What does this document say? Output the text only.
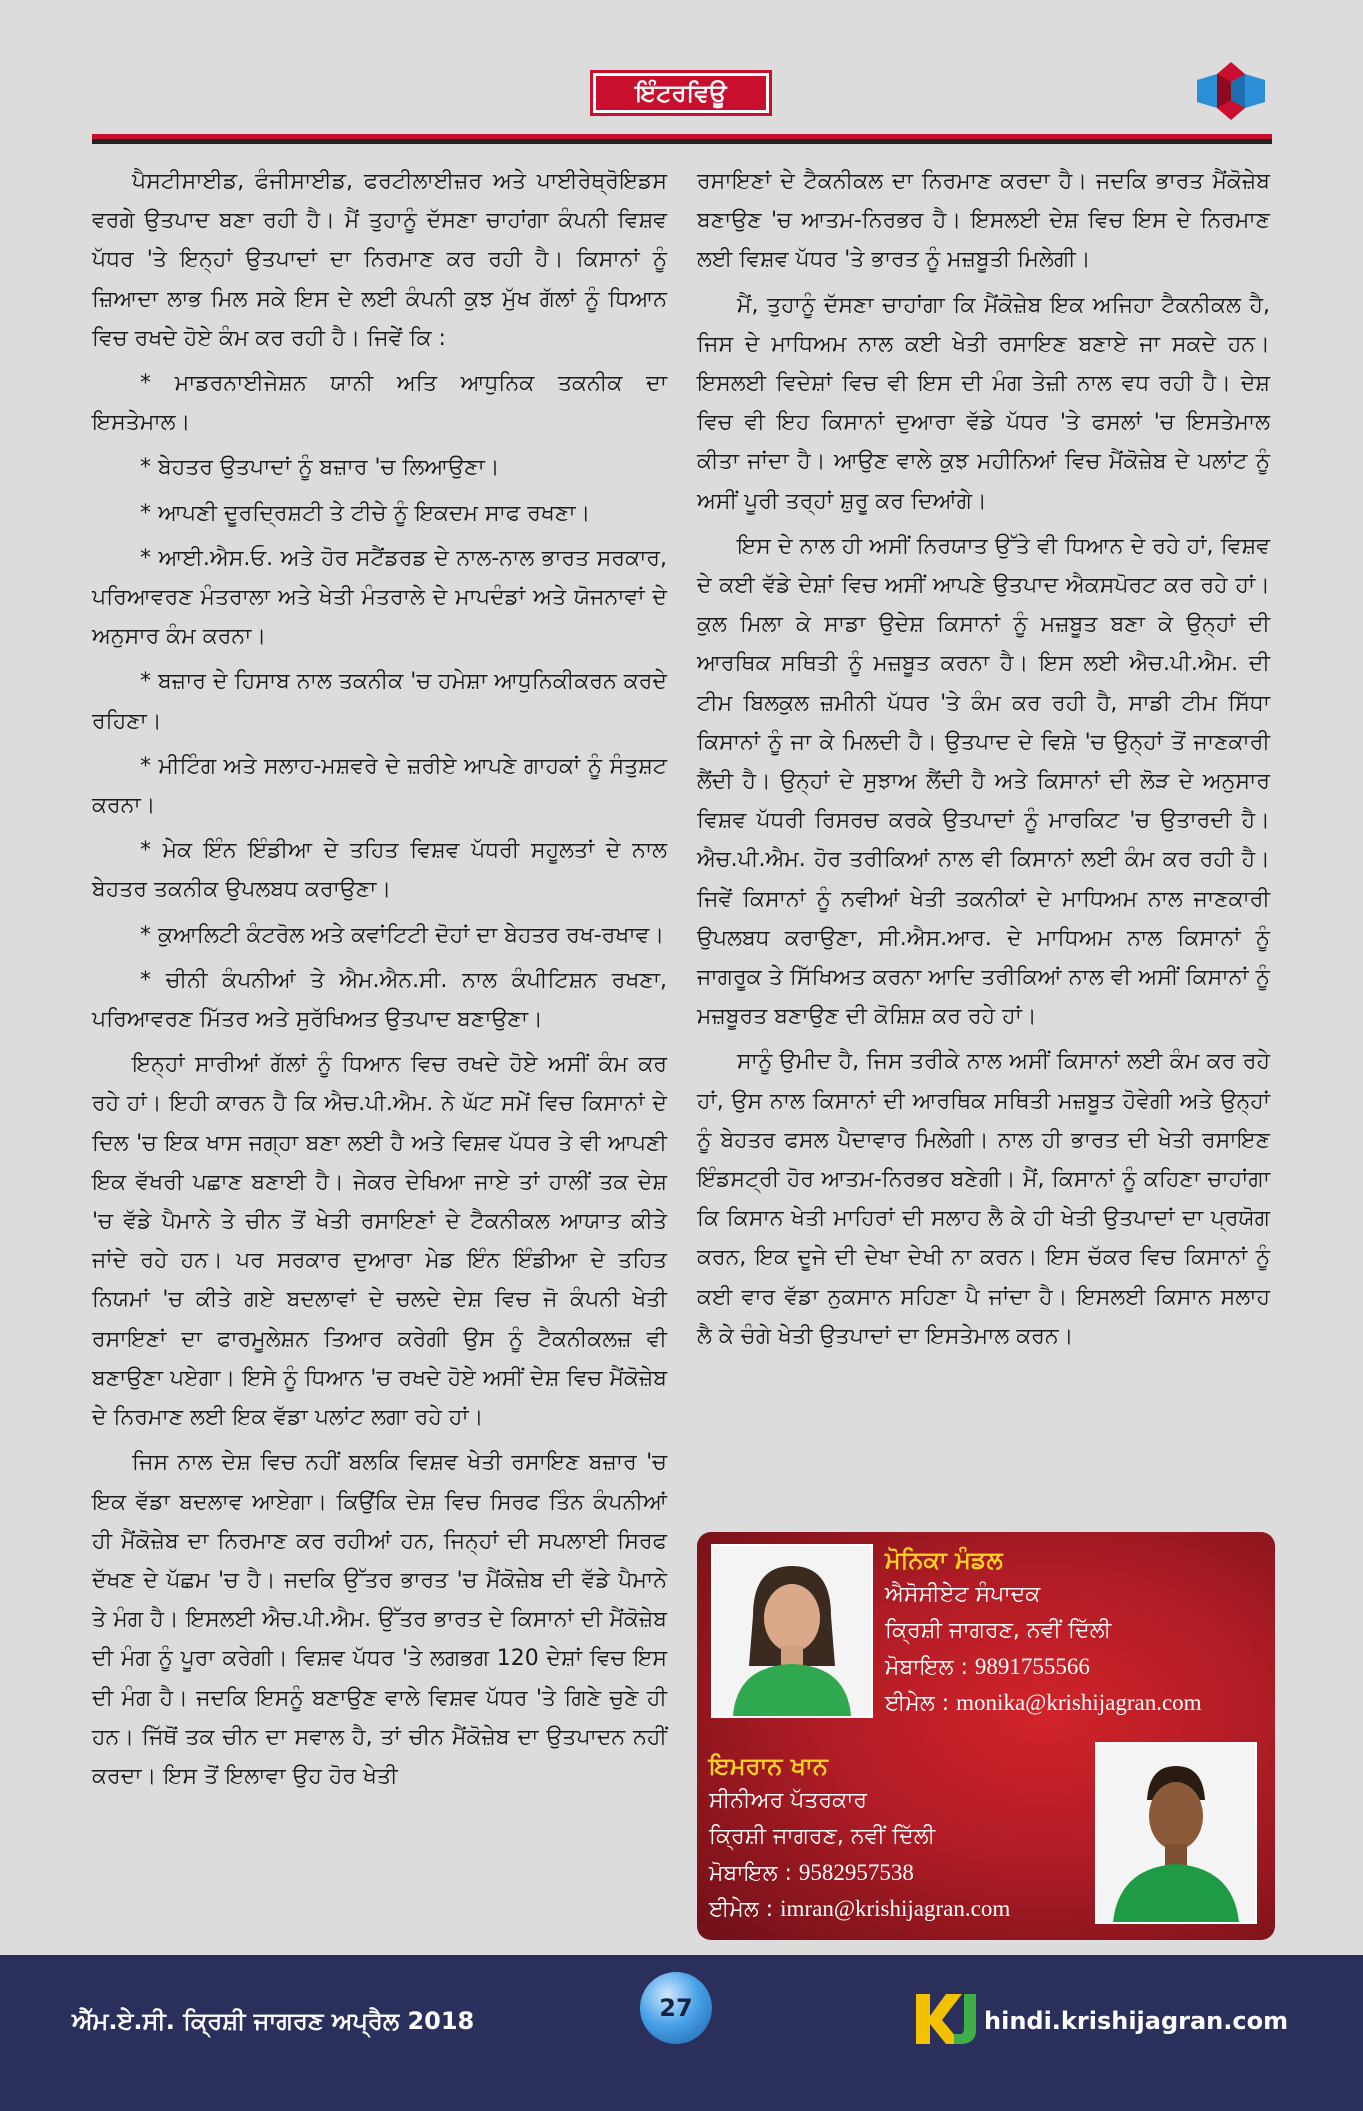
ਇੰਟਰਵਿਊ

ਪੈਸਟੀਸਾਈਡ, ਫੰਜੀਸਾਈਡ, ਫਰਟੀਲਾਈਜ਼ਰ ਅਤੇ ਪਾਈਰੇਥ੍ਰੋਇਡਸ ਵਰਗੇ ਉਤਪਾਦ ਬਣਾ ਰਹੀ ਹੈ। ਮੈਂ ਤੁਹਾਨੂੰ ਦੱਸਣਾ ਚਾਹਾਂਗਾ ਕੰਪਨੀ ਵਿਸ਼ਵ ਪੱਧਰ 'ਤੇ ਇਨ੍ਹਾਂ ਉਤਪਾਦਾਂ ਦਾ ਨਿਰਮਾਣ ਕਰ ਰਹੀ ਹੈ। ਕਿਸਾਨਾਂ ਨੂੰ ਜ਼ਿਆਦਾ ਲਾਭ ਮਿਲ ਸਕੇ ਇਸ ਦੇ ਲਈ ਕੰਪਨੀ ਕੁਝ ਮੁੱਖ ਗੱਲਾਂ ਨੂੰ ਧਿਆਨ ਵਿਚ ਰਖਦੇ ਹੋਏ ਕੰਮ ਕਰ ਰਹੀ ਹੈ। ਜਿਵੇਂ ਕਿ :

* ਮਾਡਰਨਾਈਜੇਸ਼ਨ ਯਾਨੀ ਅਤਿ ਆਧੁਨਿਕ ਤਕਨੀਕ ਦਾ ਇਸਤੇਮਾਲ।

* ਬੇਹਤਰ ਉਤਪਾਦਾਂ ਨੂੰ ਬਜ਼ਾਰ 'ਚ ਲਿਆਉਣਾ।

* ਆਪਣੀ ਦੂਰਦ੍ਰਿਸ਼ਟੀ ਤੇ ਟੀਚੇ ਨੂੰ ਇਕਦਮ ਸਾਫ ਰਖਣਾ।

* ਆਈ.ਐਸ.ਓ. ਅਤੇ ਹੋਰ ਸਟੈਂਡਰਡ ਦੇ ਨਾਲ-ਨਾਲ ਭਾਰਤ ਸਰਕਾਰ, ਪਰਿਆਵਰਣ ਮੰਤਰਾਲਾ ਅਤੇ ਖੇਤੀ ਮੰਤਰਾਲੇ ਦੇ ਮਾਪਦੰਡਾਂ ਅਤੇ ਯੋਜਨਾਵਾਂ ਦੇ ਅਨੁਸਾਰ ਕੰਮ ਕਰਨਾ।

* ਬਜ਼ਾਰ ਦੇ ਹਿਸਾਬ ਨਾਲ ਤਕਨੀਕ 'ਚ ਹਮੇਸ਼ਾ ਆਧੁਨਿਕੀਕਰਨ ਕਰਦੇ ਰਹਿਣਾ।

* ਮੀਟਿੰਗ ਅਤੇ ਸਲਾਹ-ਮਸ਼ਵਰੇ ਦੇ ਜ਼ਰੀਏ ਆਪਣੇ ਗਾਹਕਾਂ ਨੂੰ ਸੰਤੁਸ਼ਟ ਕਰਨਾ।

* ਮੇਕ ਇੰਨ ਇੰਡੀਆ ਦੇ ਤਹਿਤ ਵਿਸ਼ਵ ਪੱਧਰੀ ਸਹੂਲਤਾਂ ਦੇ ਨਾਲ ਬੇਹਤਰ ਤਕਨੀਕ ਉਪਲਬਧ ਕਰਾਉਣਾ।

* ਕੁਆਲਿਟੀ ਕੰਟਰੋਲ ਅਤੇ ਕਵਾਂਟਿਟੀ ਦੋਹਾਂ ਦਾ ਬੇਹਤਰ ਰਖ-ਰਖਾਵ।

* ਚੀਨੀ ਕੰਪਨੀਆਂ ਤੇ ਐਮ.ਐਨ.ਸੀ. ਨਾਲ ਕੰਪੀਟਿਸ਼ਨ ਰਖਣਾ, ਪਰਿਆਵਰਣ ਮਿੱਤਰ ਅਤੇ ਸੁਰੱਖਿਅਤ ਉਤਪਾਦ ਬਣਾਉਣਾ।

ਇਨ੍ਹਾਂ ਸਾਰੀਆਂ ਗੱਲਾਂ ਨੂੰ ਧਿਆਨ ਵਿਚ ਰਖਦੇ ਹੋਏ ਅਸੀਂ ਕੰਮ ਕਰ ਰਹੇ ਹਾਂ। ਇਹੀ ਕਾਰਨ ਹੈ ਕਿ ਐਚ.ਪੀ.ਐਮ. ਨੇ ਘੱਟ ਸਮੇਂ ਵਿਚ ਕਿਸਾਨਾਂ ਦੇ ਦਿਲ 'ਚ ਇਕ ਖਾਸ ਜਗ੍ਹਾ ਬਣਾ ਲਈ ਹੈ ਅਤੇ ਵਿਸ਼ਵ ਪੱਧਰ ਤੇ ਵੀ ਆਪਣੀ ਇਕ ਵੱਖਰੀ ਪਛਾਣ ਬਣਾਈ ਹੈ। ਜੇਕਰ ਦੇਖਿਆ ਜਾਏ ਤਾਂ ਹਾਲੀਂ ਤਕ ਦੇਸ਼ 'ਚ ਵੱਡੇ ਪੈਮਾਨੇ ਤੇ ਚੀਨ ਤੋਂ ਖੇਤੀ ਰਸਾਇਣਾਂ ਦੇ ਟੈਕਨੀਕਲ ਆਯਾਤ ਕੀਤੇ ਜਾਂਦੇ ਰਹੇ ਹਨ। ਪਰ ਸਰਕਾਰ ਦੁਆਰਾ ਮੇਡ ਇੰਨ ਇੰਡੀਆ ਦੇ ਤਹਿਤ ਨਿਯਮਾਂ 'ਚ ਕੀਤੇ ਗਏ ਬਦਲਾਵਾਂ ਦੇ ਚਲਦੇ ਦੇਸ਼ ਵਿਚ ਜੋ ਕੰਪਨੀ ਖੇਤੀ ਰਸਾਇਣਾਂ ਦਾ ਫਾਰਮੂਲੇਸ਼ਨ ਤਿਆਰ ਕਰੇਗੀ ਉਸ ਨੂੰ ਟੈਕਨੀਕਲਜ਼ ਵੀ ਬਣਾਉਣਾ ਪਏਗਾ। ਇਸੇ ਨੂੰ ਧਿਆਨ 'ਚ ਰਖਦੇ ਹੋਏ ਅਸੀਂ ਦੇਸ਼ ਵਿਚ ਮੈਂਕੋਜ਼ੇਬ ਦੇ ਨਿਰਮਾਣ ਲਈ ਇਕ ਵੱਡਾ ਪਲਾਂਟ ਲਗਾ ਰਹੇ ਹਾਂ।

ਜਿਸ ਨਾਲ ਦੇਸ਼ ਵਿਚ ਨਹੀਂ ਬਲਕਿ ਵਿਸ਼ਵ ਖੇਤੀ ਰਸਾਇਣ ਬਜ਼ਾਰ 'ਚ ਇਕ ਵੱਡਾ ਬਦਲਾਵ ਆਏਗਾ। ਕਿਉਂਕਿ ਦੇਸ਼ ਵਿਚ ਸਿਰਫ ਤਿੰਨ ਕੰਪਨੀਆਂ ਹੀ ਮੈਂਕੋਜ਼ੇਬ ਦਾ ਨਿਰਮਾਣ ਕਰ ਰਹੀਆਂ ਹਨ, ਜਿਨ੍ਹਾਂ ਦੀ ਸਪਲਾਈ ਸਿਰਫ ਦੱਖਣ ਦੇ ਪੱਛਮ 'ਚ ਹੈ। ਜਦਕਿ ਉੱਤਰ ਭਾਰਤ 'ਚ ਮੈਂਕੋਜ਼ੇਬ ਦੀ ਵੱਡੇ ਪੈਮਾਨੇ ਤੇ ਮੰਗ ਹੈ। ਇਸਲਈ ਐਚ.ਪੀ.ਐਮ. ਉੱਤਰ ਭਾਰਤ ਦੇ ਕਿਸਾਨਾਂ ਦੀ ਮੈਂਕੋਜ਼ੇਬ ਦੀ ਮੰਗ ਨੂੰ ਪੂਰਾ ਕਰੇਗੀ। ਵਿਸ਼ਵ ਪੱਧਰ 'ਤੇ ਲਗਭਗ 120 ਦੇਸ਼ਾਂ ਵਿਚ ਇਸ ਦੀ ਮੰਗ ਹੈ। ਜਦਕਿ ਇਸਨੂੰ ਬਣਾਉਣ ਵਾਲੇ ਵਿਸ਼ਵ ਪੱਧਰ 'ਤੇ ਗਿਣੇ ਚੁਣੇ ਹੀ ਹਨ। ਜਿੱਥੋਂ ਤਕ ਚੀਨ ਦਾ ਸਵਾਲ ਹੈ, ਤਾਂ ਚੀਨ ਮੈਂਕੋਜ਼ੇਬ ਦਾ ਉਤਪਾਦਨ ਨਹੀਂ ਕਰਦਾ। ਇਸ ਤੋਂ ਇਲਾਵਾ ਉਹ ਹੋਰ ਖੇਤੀ

ਰਸਾਇਣਾਂ ਦੇ ਟੈਕਨੀਕਲ ਦਾ ਨਿਰਮਾਣ ਕਰਦਾ ਹੈ। ਜਦਕਿ ਭਾਰਤ ਮੈਂਕੋਜ਼ੇਬ ਬਣਾਉਣ 'ਚ ਆਤਮ-ਨਿਰਭਰ ਹੈ। ਇਸਲਈ ਦੇਸ਼ ਵਿਚ ਇਸ ਦੇ ਨਿਰਮਾਣ ਲਈ ਵਿਸ਼ਵ ਪੱਧਰ 'ਤੇ ਭਾਰਤ ਨੂੰ ਮਜ਼ਬੂਤੀ ਮਿਲੇਗੀ।

ਮੈਂ, ਤੁਹਾਨੂੰ ਦੱਸਣਾ ਚਾਹਾਂਗਾ ਕਿ ਮੈਂਕੋਜ਼ੇਬ ਇਕ ਅਜਿਹਾ ਟੈਕਨੀਕਲ ਹੈ, ਜਿਸ ਦੇ ਮਾਧਿਅਮ ਨਾਲ ਕਈ ਖੇਤੀ ਰਸਾਇਣ ਬਣਾਏ ਜਾ ਸਕਦੇ ਹਨ। ਇਸਲਈ ਵਿਦੇਸ਼ਾਂ ਵਿਚ ਵੀ ਇਸ ਦੀ ਮੰਗ ਤੇਜ਼ੀ ਨਾਲ ਵਧ ਰਹੀ ਹੈ। ਦੇਸ਼ ਵਿਚ ਵੀ ਇਹ ਕਿਸਾਨਾਂ ਦੁਆਰਾ ਵੱਡੇ ਪੱਧਰ 'ਤੇ ਫਸਲਾਂ 'ਚ ਇਸਤੇਮਾਲ ਕੀਤਾ ਜਾਂਦਾ ਹੈ। ਆਉਣ ਵਾਲੇ ਕੁਝ ਮਹੀਨਿਆਂ ਵਿਚ ਮੈਂਕੋਜ਼ੇਬ ਦੇ ਪਲਾਂਟ ਨੂੰ ਅਸੀਂ ਪੂਰੀ ਤਰ੍ਹਾਂ ਸ਼ੁਰੂ ਕਰ ਦਿਆਂਗੇ।

ਇਸ ਦੇ ਨਾਲ ਹੀ ਅਸੀਂ ਨਿਰਯਾਤ ਉੱਤੇ ਵੀ ਧਿਆਨ ਦੇ ਰਹੇ ਹਾਂ, ਵਿਸ਼ਵ ਦੇ ਕਈ ਵੱਡੇ ਦੇਸ਼ਾਂ ਵਿਚ ਅਸੀਂ ਆਪਣੇ ਉਤਪਾਦ ਐਕਸਪੋਰਟ ਕਰ ਰਹੇ ਹਾਂ। ਕੁਲ ਮਿਲਾ ਕੇ ਸਾਡਾ ਉਦੇਸ਼ ਕਿਸਾਨਾਂ ਨੂੰ ਮਜ਼ਬੂਤ ਬਣਾ ਕੇ ਉਨ੍ਹਾਂ ਦੀ ਆਰਥਿਕ ਸਥਿਤੀ ਨੂੰ ਮਜ਼ਬੂਤ ਕਰਨਾ ਹੈ। ਇਸ ਲਈ ਐਚ.ਪੀ.ਐਮ. ਦੀ ਟੀਮ ਬਿਲਕੁਲ ਜ਼ਮੀਨੀ ਪੱਧਰ 'ਤੇ ਕੰਮ ਕਰ ਰਹੀ ਹੈ, ਸਾਡੀ ਟੀਮ ਸਿੱਧਾ ਕਿਸਾਨਾਂ ਨੂੰ ਜਾ ਕੇ ਮਿਲਦੀ ਹੈ। ਉਤਪਾਦ ਦੇ ਵਿਸ਼ੇ 'ਚ ਉਨ੍ਹਾਂ ਤੋਂ ਜਾਣਕਾਰੀ ਲੈਂਦੀ ਹੈ। ਉਨ੍ਹਾਂ ਦੇ ਸੁਝਾਅ ਲੈਂਦੀ ਹੈ ਅਤੇ ਕਿਸਾਨਾਂ ਦੀ ਲੋੜ ਦੇ ਅਨੁਸਾਰ ਵਿਸ਼ਵ ਪੱਧਰੀ ਰਿਸਰਚ ਕਰਕੇ ਉਤਪਾਦਾਂ ਨੂੰ ਮਾਰਕਿਟ 'ਚ ਉਤਾਰਦੀ ਹੈ। ਐਚ.ਪੀ.ਐਮ. ਹੋਰ ਤਰੀਕਿਆਂ ਨਾਲ ਵੀ ਕਿਸਾਨਾਂ ਲਈ ਕੰਮ ਕਰ ਰਹੀ ਹੈ। ਜਿਵੇਂ ਕਿਸਾਨਾਂ ਨੂੰ ਨਵੀਆਂ ਖੇਤੀ ਤਕਨੀਕਾਂ ਦੇ ਮਾਧਿਅਮ ਨਾਲ ਜਾਣਕਾਰੀ ਉਪਲਬਧ ਕਰਾਉਣਾ, ਸੀ.ਐਸ.ਆਰ. ਦੇ ਮਾਧਿਅਮ ਨਾਲ ਕਿਸਾਨਾਂ ਨੂੰ ਜਾਗਰੂਕ ਤੇ ਸਿੱਖਿਅਤ ਕਰਨਾ ਆਦਿ ਤਰੀਕਿਆਂ ਨਾਲ ਵੀ ਅਸੀਂ ਕਿਸਾਨਾਂ ਨੂੰ ਮਜ਼ਬੂਰਤ ਬਣਾਉਣ ਦੀ ਕੋਸ਼ਿਸ਼ ਕਰ ਰਹੇ ਹਾਂ।

ਸਾਨੂੰ ਉਮੀਦ ਹੈ, ਜਿਸ ਤਰੀਕੇ ਨਾਲ ਅਸੀਂ ਕਿਸਾਨਾਂ ਲਈ ਕੰਮ ਕਰ ਰਹੇ ਹਾਂ, ਉਸ ਨਾਲ ਕਿਸਾਨਾਂ ਦੀ ਆਰਥਿਕ ਸਥਿਤੀ ਮਜ਼ਬੂਤ ਹੋਵੇਗੀ ਅਤੇ ਉਨ੍ਹਾਂ ਨੂੰ ਬੇਹਤਰ ਫਸਲ ਪੈਦਾਵਾਰ ਮਿਲੇਗੀ। ਨਾਲ ਹੀ ਭਾਰਤ ਦੀ ਖੇਤੀ ਰਸਾਇਣ ਇੰਡਸਟ੍ਰੀ ਹੋਰ ਆਤਮ-ਨਿਰਭਰ ਬਣੇਗੀ। ਮੈਂ, ਕਿਸਾਨਾਂ ਨੂੰ ਕਹਿਣਾ ਚਾਹਾਂਗਾ ਕਿ ਕਿਸਾਨ ਖੇਤੀ ਮਾਹਿਰਾਂ ਦੀ ਸਲਾਹ ਲੈ ਕੇ ਹੀ ਖੇਤੀ ਉਤਪਾਦਾਂ ਦਾ ਪ੍ਰਯੋਗ ਕਰਨ, ਇਕ ਦੂਜੇ ਦੀ ਦੇਖਾ ਦੇਖੀ ਨਾ ਕਰਨ। ਇਸ ਚੱਕਰ ਵਿਚ ਕਿਸਾਨਾਂ ਨੂੰ ਕਈ ਵਾਰ ਵੱਡਾ ਨੁਕਸਾਨ ਸਹਿਣਾ ਪੈ ਜਾਂਦਾ ਹੈ। ਇਸਲਈ ਕਿਸਾਨ ਸਲਾਹ ਲੈ ਕੇ ਚੰਗੇ ਖੇਤੀ ਉਤਪਾਦਾਂ ਦਾ ਇਸਤੇਮਾਲ ਕਰਨ।

ਮੋਨਿਕਾ ਮੰਡਲ
ਐਸੋਸੀਏਟ ਸੰਪਾਦਕ
ਕ੍ਰਿਸ਼ੀ ਜਾਗਰਣ, ਨਵੀਂ ਦਿੱਲੀ
ਮੋਬਾਇਲ : 9891755566
ਈਮੇਲ : monika@krishijagran.com
ਇਮਰਾਨ ਖਾਨ
ਸੀਨੀਅਰ ਪੱਤਰਕਾਰ
ਕ੍ਰਿਸ਼ੀ ਜਾਗਰਣ, ਨਵੀਂ ਦਿੱਲੀ
ਮੋਬਾਇਲ : 9582957538
ਈਮੇਲ : imran@krishijagran.com
ਐੱਮ.ਏ.ਸੀ. ਕ੍ਰਿਸ਼ੀ ਜਾਗਰਣ ਅਪ੍ਰੈਲ 2018	27	hindi.krishijagran.com
